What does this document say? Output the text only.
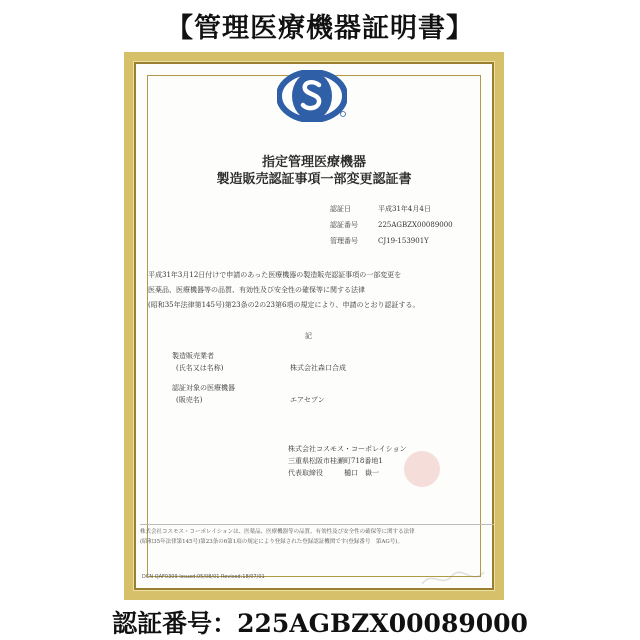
【管理医療機器証明書】
指定管理医療機器
製造販売認証事項一部変更認証書
認証日	平成31年4月4日
認証番号	225AGBZX00089000
管理番号	CJ19-153901Y
平成31年3月12日付けで申請のあった医療機器の製造販売認証事項の一部変更を
医薬品、医療機器等の品質、有効性及び安全性の確保等に関する法律
(昭和35年法律第145号)第23条の2の23第6項の規定により、申請のとおり認証する。
記
製造販売業者
(氏名又は名称)	株式会社森口合成
認証対象の医療機器
(販売名)	エアセブン
株式会社コスモス・コーポレイション
三重県松阪市桂瀬町718番地1
代表取締役　　　樋口　嶽一
株式会社コスモス・コーポレイションは、医薬品、医療機器等の品質、有効性及び安全性の確保等に関する法律
(昭和35年法律第145号)第23条の6第1項の規定により登録された登録認証機関です(登録番号　第AG号)。
DCN QAF0309 Issued:05/08/01 Revised:18/07/01
認証番号：225AGBZX00089000
